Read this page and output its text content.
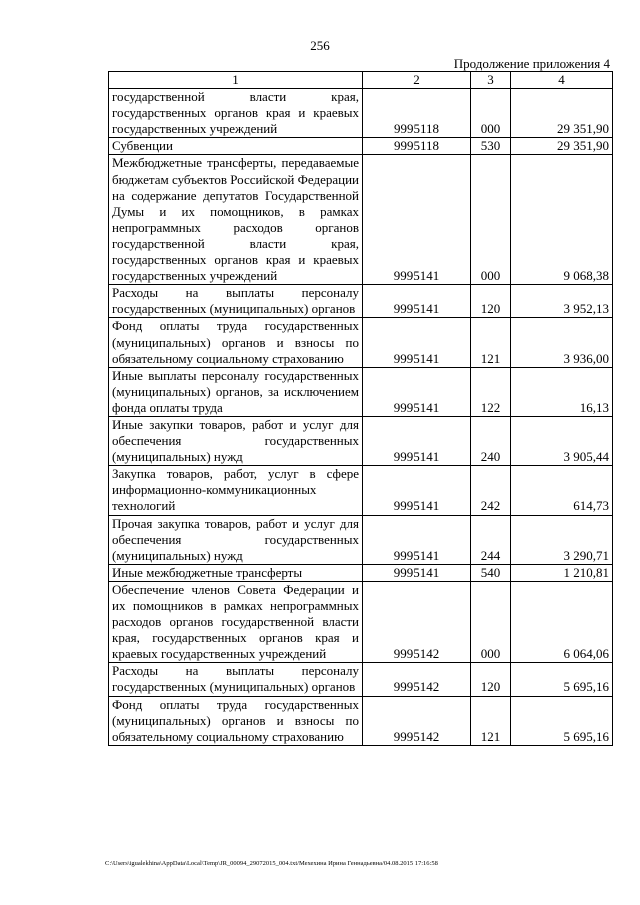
256
Продолжение приложения 4
1	2	3	4
государственной власти края, государственных органов края и краевых государственных учреждений	9995118	000	29 351,90
Субвенции	9995118	530	29 351,90
Межбюджетные трансферты, передаваемые бюджетам субъектов Российской Федерации на содержание депутатов Государственной Думы и их помощников, в рамках непрограммных расходов органов государственной власти края, государственных органов края и краевых государственных учреждений	9995141	000	9 068,38
Расходы на выплаты персоналу государственных (муниципальных) органов	9995141	120	3 952,13
Фонд оплаты труда государственных (муниципальных) органов и взносы по обязательному социальному страхованию	9995141	121	3 936,00
Иные выплаты персоналу государственных (муниципальных) органов, за исключением фонда оплаты труда	9995141	122	16,13
Иные закупки товаров, работ и услуг для обеспечения государственных (муниципальных) нужд	9995141	240	3 905,44
Закупка товаров, работ, услуг в сфере информационно-коммуникационных технологий	9995141	242	614,73
Прочая закупка товаров, работ и услуг для обеспечения государственных (муниципальных) нужд	9995141	244	3 290,71
Иные межбюджетные трансферты	9995141	540	1 210,81
Обеспечение членов Совета Федерации и их помощников в рамках непрограммных расходов органов государственной власти края, государственных органов края и краевых государственных учреждений	9995142	000	6 064,06
Расходы на выплаты персоналу государственных (муниципальных) органов	9995142	120	5 695,16
Фонд оплаты труда государственных (муниципальных) органов и взносы по обязательному социальному страхованию	9995142	121	5 695,16
C:\Users\igualekhina\AppData\Local\Temp\JR_00094_29072015_004.txt/Мехехина Ирина Геннадьевна/04.08.2015 17:16:58
